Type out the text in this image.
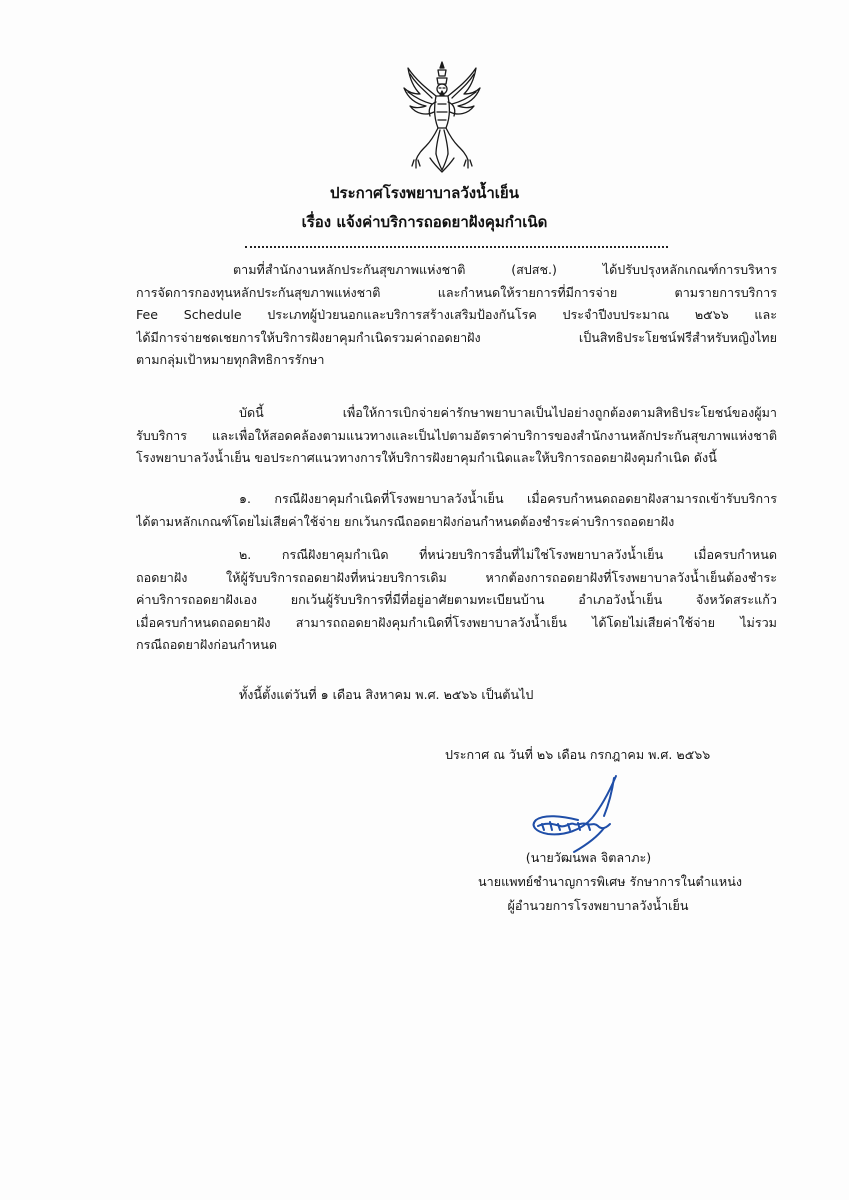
ประกาศโรงพยาบาลวังน้ำเย็น
เรื่อง แจ้งค่าบริการถอดยาฝังคุมกำเนิด
ตามที่สำนักงานหลักประกันสุขภาพแห่งชาติ (สปสช.) ได้ปรับปรุงหลักเกณฑ์การบริหาร
การจัดการกองทุนหลักประกันสุขภาพแห่งชาติ และกำหนดให้รายการที่มีการจ่าย ตามรายการบริการ
Fee Schedule ประเภทผู้ป่วยนอกและบริการสร้างเสริมป้องกันโรค ประจำปีงบประมาณ ๒๕๖๖ และ
ได้มีการจ่ายชดเชยการให้บริการฝังยาคุมกำเนิดรวมค่าถอดยาฝัง เป็นสิทธิประโยชน์ฟรีสำหรับหญิงไทย
ตามกลุ่มเป้าหมายทุกสิทธิการรักษา
บัดนี้ เพื่อให้การเบิกจ่ายค่ารักษาพยาบาลเป็นไปอย่างถูกต้องตามสิทธิประโยชน์ของผู้มา
รับบริการ และเพื่อให้สอดคล้องตามแนวทางและเป็นไปตามอัตราค่าบริการของสำนักงานหลักประกันสุขภาพแห่งชาติ
โรงพยาบาลวังน้ำเย็น ขอประกาศแนวทางการให้บริการฝังยาคุมกำเนิดและให้บริการถอดยาฝังคุมกำเนิด ดังนี้
๑. กรณีฝังยาคุมกำเนิดที่โรงพยาบาลวังน้ำเย็น เมื่อครบกำหนดถอดยาฝังสามารถเข้ารับบริการ
ได้ตามหลักเกณฑ์โดยไม่เสียค่าใช้จ่าย ยกเว้นกรณีถอดยาฝังก่อนกำหนดต้องชำระค่าบริการถอดยาฝัง
๒. กรณีฝังยาคุมกำเนิด ที่หน่วยบริการอื่นที่ไม่ใช่โรงพยาบาลวังน้ำเย็น เมื่อครบกำหนด
ถอดยาฝัง ให้ผู้รับบริการถอดยาฝังที่หน่วยบริการเดิม หากต้องการถอดยาฝังที่โรงพยาบาลวังน้ำเย็นต้องชำระ
ค่าบริการถอดยาฝังเอง ยกเว้นผู้รับบริการที่มีที่อยู่อาศัยตามทะเบียนบ้าน อำเภอวังน้ำเย็น จังหวัดสระแก้ว
เมื่อครบกำหนดถอดยาฝัง สามารถถอดยาฝังคุมกำเนิดที่โรงพยาบาลวังน้ำเย็น ได้โดยไม่เสียค่าใช้จ่าย ไม่รวม
กรณีถอดยาฝังก่อนกำหนด
ทั้งนี้ตั้งแต่วันที่ ๑ เดือน สิงหาคม พ.ศ. ๒๕๖๖ เป็นต้นไป
ประกาศ ณ วันที่ ๒๖ เดือน กรกฎาคม พ.ศ. ๒๕๖๖
(นายวัฒนพล จิตลาภะ)
นายแพทย์ชำนาญการพิเศษ รักษาการในตำแหน่ง
ผู้อำนวยการโรงพยาบาลวังน้ำเย็น
